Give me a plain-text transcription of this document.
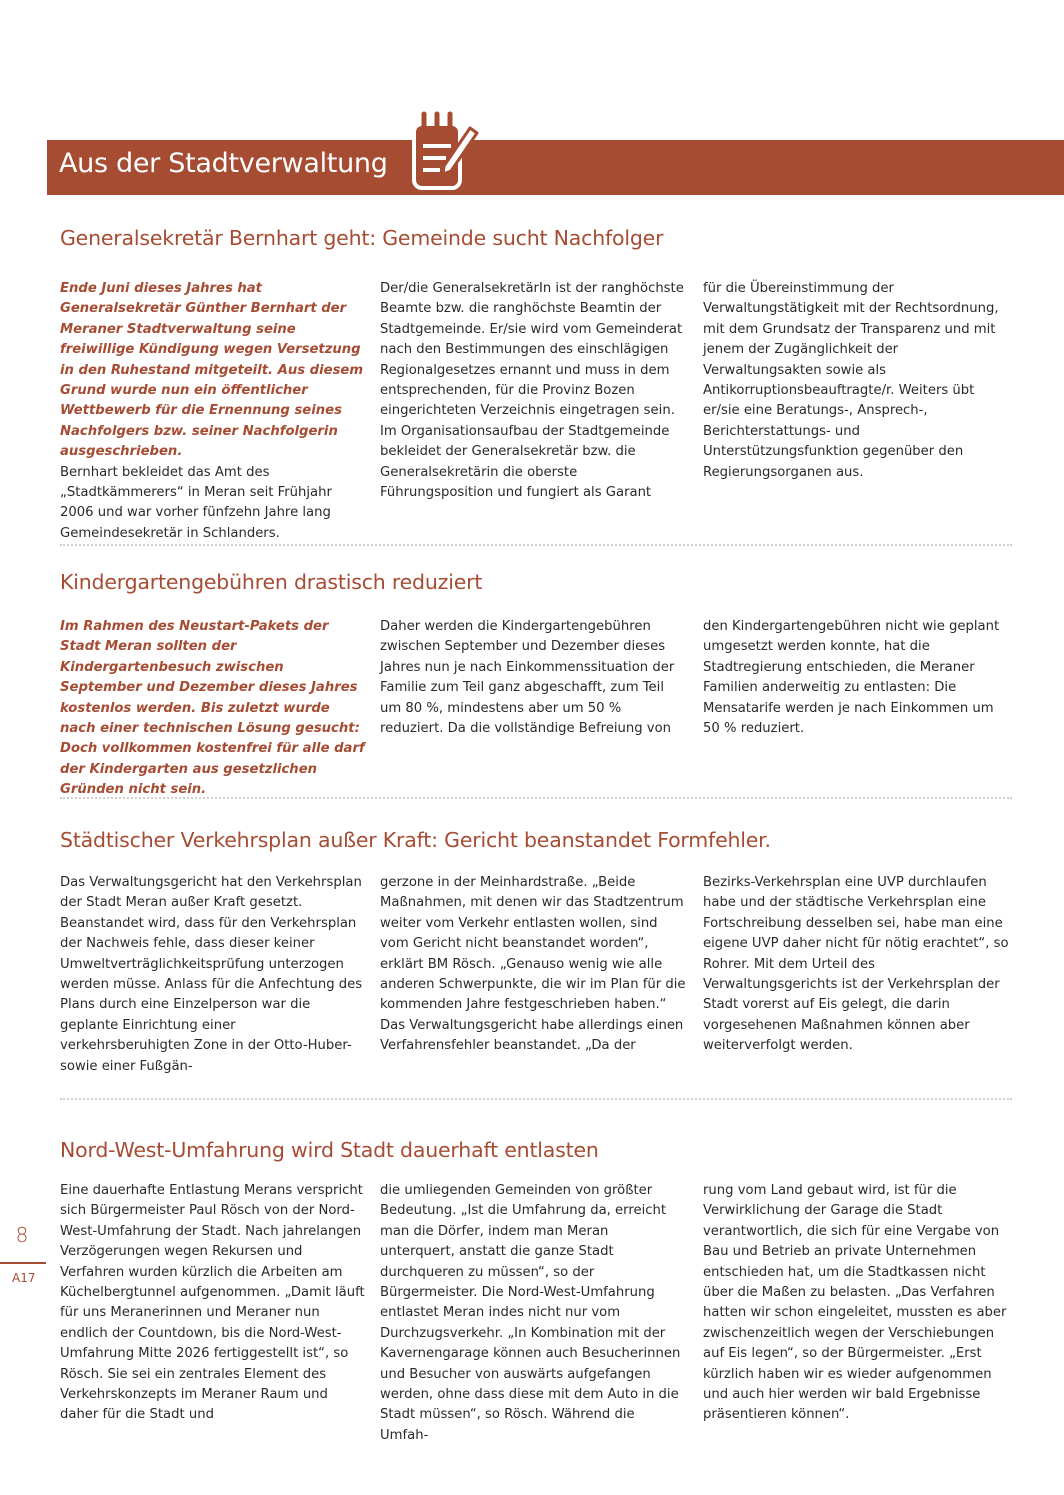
Aus der Stadtverwaltung
Generalsekretär Bernhart geht: Gemeinde sucht Nachfolger
Ende Juni dieses Jahres hat Generalsekretär Günther Bernhart der Meraner Stadtverwaltung seine freiwillige Kündigung wegen Versetzung in den Ruhestand mitgeteilt. Aus diesem Grund wurde nun ein öffentlicher Wettbewerb für die Ernennung seines Nachfolgers bzw. seiner Nachfolgerin ausgeschrieben.
Bernhart bekleidet das Amt des „Stadtkämmerers“ in Meran seit Frühjahr 2006 und war vorher fünfzehn Jahre lang Gemeindesekretär in Schlanders.
Der/die GeneralsekretärIn ist der ranghöchste Beamte bzw. die ranghöchste Beamtin der Stadtgemeinde. Er/sie wird vom Gemeinderat nach den Bestimmungen des einschlägigen Regionalgesetzes ernannt und muss in dem entsprechenden, für die Provinz Bozen eingerichteten Verzeichnis eingetragen sein. Im Organisationsaufbau der Stadtgemeinde bekleidet der Generalsekretär bzw. die Generalsekretärin die oberste Führungsposition und fungiert als Garant
für die Übereinstimmung der Verwaltungstätigkeit mit der Rechtsordnung, mit dem Grundsatz der Transparenz und mit jenem der Zugänglichkeit der Verwaltungsakten sowie als Antikorruptionsbeauftragte/r. Weiters übt er/sie eine Beratungs-, Ansprech-, Berichterstattungs- und Unterstützungsfunktion gegenüber den Regierungsorganen aus.
Kindergartengebühren drastisch reduziert
Im Rahmen des Neustart-Pakets der Stadt Meran sollten der Kindergartenbesuch zwischen September und Dezember dieses Jahres kostenlos werden. Bis zuletzt wurde nach einer technischen Lösung gesucht: Doch vollkommen kostenfrei für alle darf der Kindergarten aus gesetzlichen Gründen nicht sein.
Daher werden die Kindergartengebühren zwischen September und Dezember dieses Jahres nun je nach Einkommenssituation der Familie zum Teil ganz abgeschafft, zum Teil um 80 %, mindestens aber um 50 % reduziert. Da die vollständige Befreiung von
den Kindergartengebühren nicht wie geplant umgesetzt werden konnte, hat die Stadtregierung entschieden, die Meraner Familien anderweitig zu entlasten: Die Mensatarife werden je nach Einkommen um 50 % reduziert.
Städtischer Verkehrsplan außer Kraft: Gericht beanstandet Formfehler.
Das Verwaltungsgericht hat den Verkehrsplan der Stadt Meran außer Kraft gesetzt. Beanstandet wird, dass für den Verkehrsplan der Nachweis fehle, dass dieser keiner Umweltverträglichkeitsprüfung unterzogen werden müsse. Anlass für die Anfechtung des Plans durch eine Einzelperson war die geplante Einrichtung einer verkehrsberuhigten Zone in der Otto-Huber- sowie einer Fußgän-
gerzone in der Meinhardstraße. „Beide Maßnahmen, mit denen wir das Stadtzentrum weiter vom Verkehr entlasten wollen, sind vom Gericht nicht beanstandet worden“, erklärt BM Rösch. „Genauso wenig wie alle anderen Schwerpunkte, die wir im Plan für die kommenden Jahre festgeschrieben haben.“ Das Verwaltungsgericht habe allerdings einen Verfahrensfehler beanstandet. „Da der
Bezirks-Verkehrsplan eine UVP durchlaufen habe und der städtische Verkehrsplan eine Fortschreibung desselben sei, habe man eine eigene UVP daher nicht für nötig erachtet“, so Rohrer. Mit dem Urteil des Verwaltungsgerichts ist der Verkehrsplan der Stadt vorerst auf Eis gelegt, die darin vorgesehenen Maßnahmen können aber weiterverfolgt werden.
Nord-West-Umfahrung wird Stadt dauerhaft entlasten
Eine dauerhafte Entlastung Merans verspricht sich Bürgermeister Paul Rösch von der Nord-West-Umfahrung der Stadt. Nach jahrelangen Verzögerungen wegen Rekursen und Verfahren wurden kürzlich die Arbeiten am Küchelbergtunnel aufgenommen. „Damit läuft für uns Meranerinnen und Meraner nun endlich der Countdown, bis die Nord-West-Umfahrung Mitte 2026 fertiggestellt ist“, so Rösch. Sie sei ein zentrales Element des Verkehrskonzepts im Meraner Raum und daher für die Stadt und
die umliegenden Gemeinden von größter Bedeutung. „Ist die Umfahrung da, erreicht man die Dörfer, indem man Meran unterquert, anstatt die ganze Stadt durchqueren zu müssen“, so der Bürgermeister. Die Nord-West-Umfahrung entlastet Meran indes nicht nur vom Durchzugsverkehr. „In Kombination mit der Kavernengarage können auch Besucherinnen und Besucher von auswärts aufgefangen werden, ohne dass diese mit dem Auto in die Stadt müssen“, so Rösch. Während die Umfah-
rung vom Land gebaut wird, ist für die Verwirklichung der Garage die Stadt verantwortlich, die sich für eine Vergabe von Bau und Betrieb an private Unternehmen entschieden hat, um die Stadtkassen nicht über die Maßen zu belasten. „Das Verfahren hatten wir schon eingeleitet, mussten es aber zwischenzeitlich wegen der Verschiebungen auf Eis legen“, so der Bürgermeister. „Erst kürzlich haben wir es wieder aufgenommen und auch hier werden wir bald Ergebnisse präsentieren können“.
8
A17
